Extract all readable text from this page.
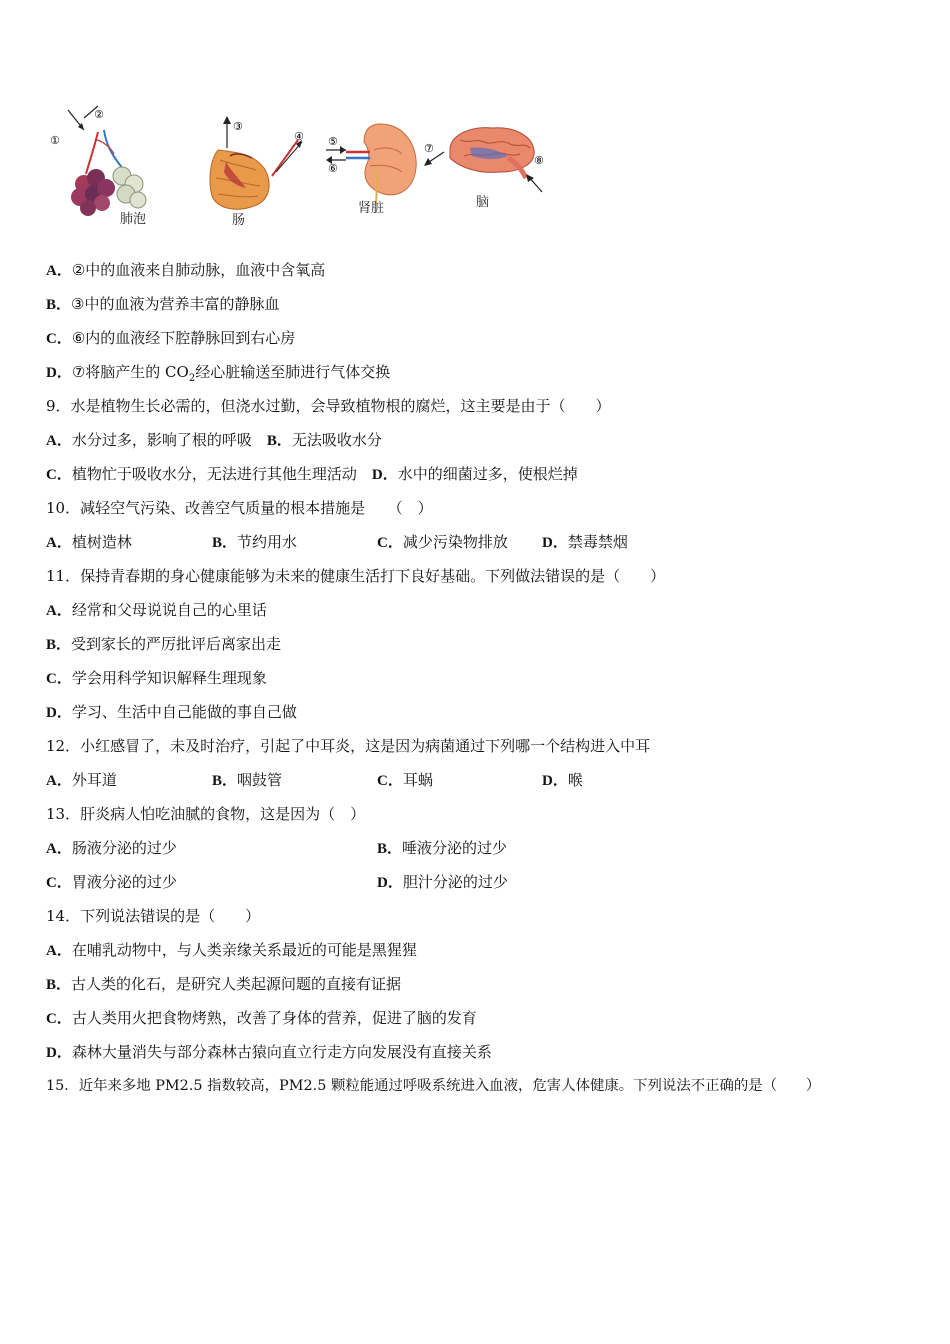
①
②
肺泡
③
④
肠
⑤
⑥
肾脏
⑦
⑧
脑
A．②中的血液来自肺动脉，血液中含氧高
B．③中的血液为营养丰富的静脉血
C．⑥内的血液经下腔静脉回到右心房
D．⑦将脑产生的 $CO_2$经心脏输送至肺进行气体交换
9．水是植物生长必需的，但浇水过勤，会导致植物根的腐烂，这主要是由于（　　）
A．水分过多，影响了根的呼吸　 B．无法吸收水分
C．植物忙于吸收水分，无法进行其他生理活动　 D．水中的细菌过多，使根烂掉
10．减轻空气污染、改善空气质量的根本措施是　　（　）
A．植树造林	B．节约用水	C．减少污染物排放 D．禁毒禁烟
11．保持青春期的身心健康能够为未来的健康生活打下良好基础。下列做法错误的是（　　）
A．经常和父母说说自己的心里话
B．受到家长的严厉批评后离家出走
C．学会用科学知识解释生理现象
D．学习、生活中自己能做的事自己做
12．小红感冒了，未及时治疗，引起了中耳炎，这是因为病菌通过下列哪一个结构进入中耳
A．外耳道	B．咽鼓管	C．耳蜗	D．喉
13．肝炎病人怕吃油腻的食物，这是因为（　）
A．肠液分泌的过少	B．唾液分泌的过少
C．胃液分泌的过少	D．胆汁分泌的过少
14．下列说法错误的是（　　）
A．在哺乳动物中，与人类亲缘关系最近的可能是黑猩猩
B．古人类的化石，是研究人类起源问题的直接有证据
C．古人类用火把食物烤熟，改善了身体的营养，促进了脑的发育
D．森林大量消失与部分森林古猿向直立行走方向发展没有直接关系
15．近年来多地 PM2.5 指数较高，PM2.5 颗粒能通过呼吸系统进入血液，危害人体健康。下列说法不正确的是（　　）
